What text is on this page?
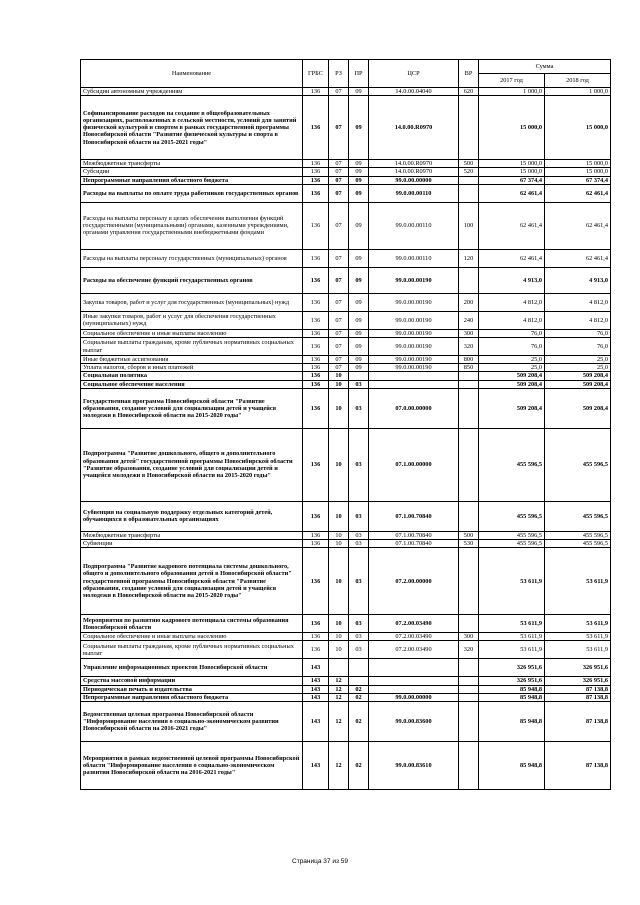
Наименование	ГРБС	РЗ	ПР	ЦСР	ВР	Сумма	
						2017 год	2018 год
Субсидии автономным учреждениям	136	07	09	14.0.00.04040	620	1 000,0	1 000,0
Софинансирование расходов на создание в общеобразовательных организациях, расположенных в сельской местности, условий для занятий физической культурой и спортом в рамках государственной программы Новосибирской области "Развитие физической культуры и спорта в Новосибирской области на 2015-2021 годы"	136	07	09	14.0.00.R0970		15 000,0	15 000,0
Межбюджетные трансферты	136	07	09	14.0.00.R0970	500	15 000,0	15 000,0
Субсидии	136	07	09	14.0.00.R0970	520	15 000,0	15 000,0
Непрограммные направления областного бюджета	136	07	09	99.0.00.00000		67 374,4	67 374,4
Расходы на выплаты по оплате труда работников государственных органов	136	07	09	99.0.00.00110		62 461,4	62 461,4
Расходы на выплаты персоналу в целях обеспечения выполнения функций государственными (муниципальными) органами, казенными учреждениями, органами управления государственными внебюджетными фондами	136	07	09	99.0.00.00110	100	62 461,4	62 461,4
Расходы на выплаты персоналу государственных (муниципальных) органов	136	07	09	99.0.00.00110	120	62 461,4	62 461,4
Расходы на обеспечение функций государственных органов	136	07	09	99.0.00.00190		4 913,0	4 913,0
Закупка товаров, работ и услуг для государственных (муниципальных) нужд	136	07	09	99.0.00.00190	200	4 812,0	4 812,0
Иные закупки товаров, работ и услуг для обеспечения государственных (муниципальных) нужд	136	07	09	99.0.00.00190	240	4 812,0	4 812,0
Социальное обеспечение и иные выплаты населению	136	07	09	99.0.00.00190	300	76,0	76,0
Социальные выплаты гражданам, кроме публичных нормативных социальных выплат	136	07	09	99.0.00.00190	320	76,0	76,0
Иные бюджетные ассигнования	136	07	09	99.0.00.00190	800	25,0	25,0
Уплата налогов, сборов и иных платежей	136	07	09	99.0.00.00190	850	25,0	25,0
Социальная политика	136	10				509 208,4	509 208,4
Социальное обеспечение населения	136	10	03			509 208,4	509 208,4
Государственная программа Новосибирской области "Развитие образования, создание условий для социализации детей и учащейся молодежи в Новосибирской области на 2015-2020 годы"	136	10	03	07.0.00.00000		509 208,4	509 208,4
Подпрограмма "Развитие дошкольного, общего и дополнительного образования детей" государственной программы Новосибирской области "Развитие образования, создание условий для социализации детей и учащейся молодежи в Новосибирской области на 2015-2020 годы"	136	10	03	07.1.00.00000		455 596,5	455 596,5
Субвенция на социальную поддержку отдельных категорий детей, обучающихся в образовательных организациях	136	10	03	07.1.00.70840		455 596,5	455 596,5
Межбюджетные трансферты	136	10	03	07.1.00.70840	500	455 596,5	455 596,5
Субвенции	136	10	03	07.1.00.70840	530	455 596,5	455 596,5
Подпрограмма "Развитие кадрового потенциала системы дошкольного, общего и дополнительного образования детей в Новосибирской области" государственной программы Новосибирской области "Развитие образования, создание условий для социализации детей и учащейся молодежи в Новосибирской области на 2015-2020 годы"	136	10	03	07.2.00.00000		53 611,9	53 611,9
Мероприятия по развитию кадрового потенциала системы образования Новосибирской области	136	10	03	07.2.00.03490		53 611,9	53 611,9
Социальное обеспечение и иные выплаты населению	136	10	03	07.2.00.03490	300	53 611,9	53 611,9
Социальные выплаты гражданам, кроме публичных нормативных социальных выплат	136	10	03	07.2.00.03490	320	53 611,9	53 611,9
Управление информационных проектов Новосибирской области	143					326 951,6	326 951,6
Средства массовой информации	143	12				326 951,6	326 951,6
Периодическая печать и издательства	143	12	02			85 948,8	87 138,8
Непрограммные направления областного бюджета	143	12	02	99.0.00.00000		85 948,8	87 138,8
Ведомственная целевая программа Новосибирской области "Информирование населения о социально-экономическом развитии Новосибирской области на 2016-2021 годы"	143	12	02	99.0.00.83600		85 948,8	87 138,8
Мероприятия в рамках ведомственной целевой программы Новосибирской области "Информирование населения о социально-экономическом развитии Новосибирской области на 2016-2021 годы"	143	12	02	99.0.00.83610		85 948,8	87 138,8
Страница 37 из 59
